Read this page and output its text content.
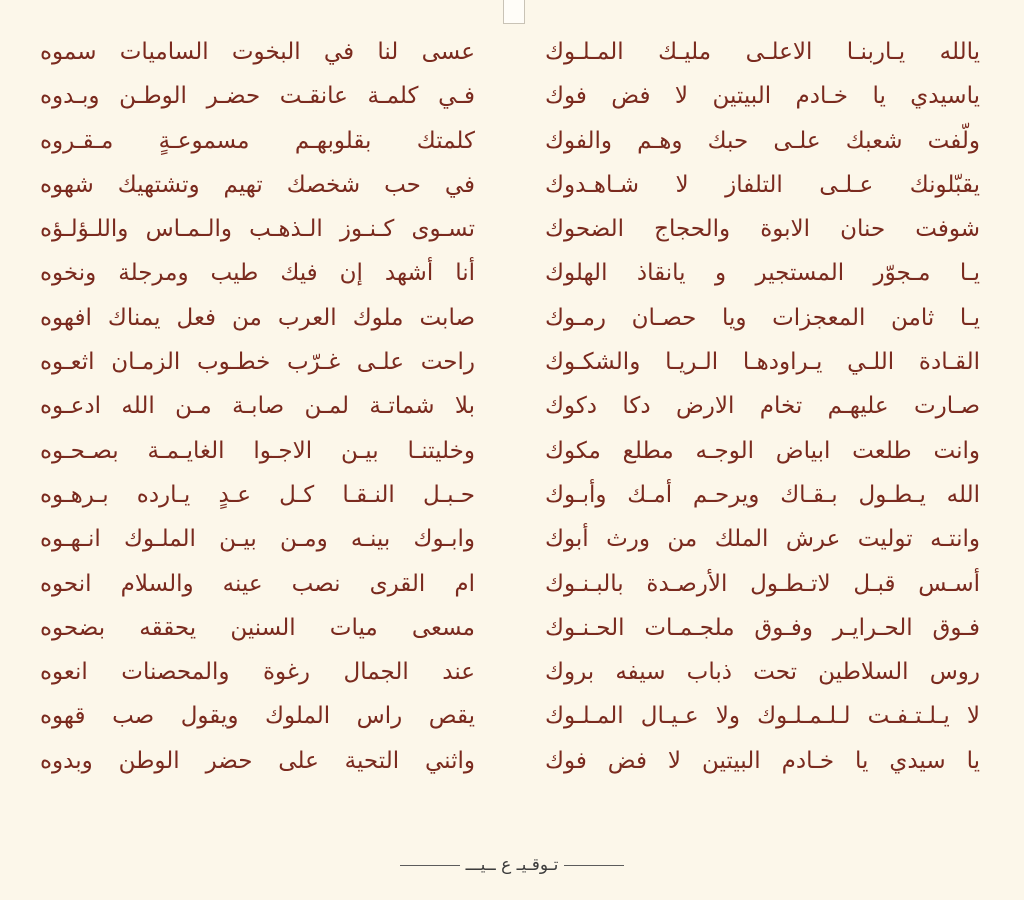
يالله يـاربنـا الاعلـى مليـك المـلـوك
ياسيدي يا خـادم البيتين لا فض فوك
ولّفت شعبك علـى حبك وهـم والفوك
يقبّلونك عـلـى التلفاز لا شـاهـدوك
شوفت حنان الابوة والحجاج الضحوك
يـا مـجوّر المستجير و يانقاذ الهلوك
يـا ثامن المعجزات ويا حصـان رمـوك
القـادة اللـي يـراودهـا الـريـا والشكـوك
صـارت عليهـم تخام الارض دكا دكوك
وانت طلعت ابياض الوجـه مطلع مكوك
الله يـطـول بـقـاك ويرحـم أمـك وأبـوك
وانتـه توليت عرش الملك من ورث أبوك
أسـس قبـل لاتـطـول الأرصـدة بالبـنـوك
فـوق الحـرايـر وفـوق ملجـمـات الحـنـوك
روس السلاطين تحت ذباب سيفه بروك
لا يـلـتـفـت لـلـمـلـوك ولا عـيـال المـلـوك
يا سيدي يا خـادم البيتين لا فض فوك
عسى لنا في البخوت الساميات سموه
فـي كلمـة عانقـت حضـر الوطـن وبـدوه
كلمتك بقلوبهـم مسموعـةٍ مـقـروه
في حب شخصك تهيم وتشتهيك شهوه
تسـوى كـنـوز الـذهـب والـمـاس واللـؤلـؤه
أنا أشهد إن فيك طيب ومرجلة ونخوه
صابت ملوك العرب من فعل يمناك افهوه
راحت علـى غـرّب خطـوب الزمـان اثعـوه
بلا شماتـة لمـن صابـة مـن الله ادعـوه
وخليتنـا بيـن الاجـوا الغايـمـة بصـحـوه
حـبـل النـقـا كـل عـدٍ يـارده بـرهـوه
وابـوك بينـه ومـن بيـن الملـوك انـهـوه
ام القرى نصب عينه والسلام انحوه
مسعى ميات السنين يحققه بضحوه
عند الجمال رغوة والمحصنات انعوه
يقص راس الملوك ويقول صب قهوه
واثني التحية على حضر الوطن وبدوه
تـوقـيـ ع ــيـــ
